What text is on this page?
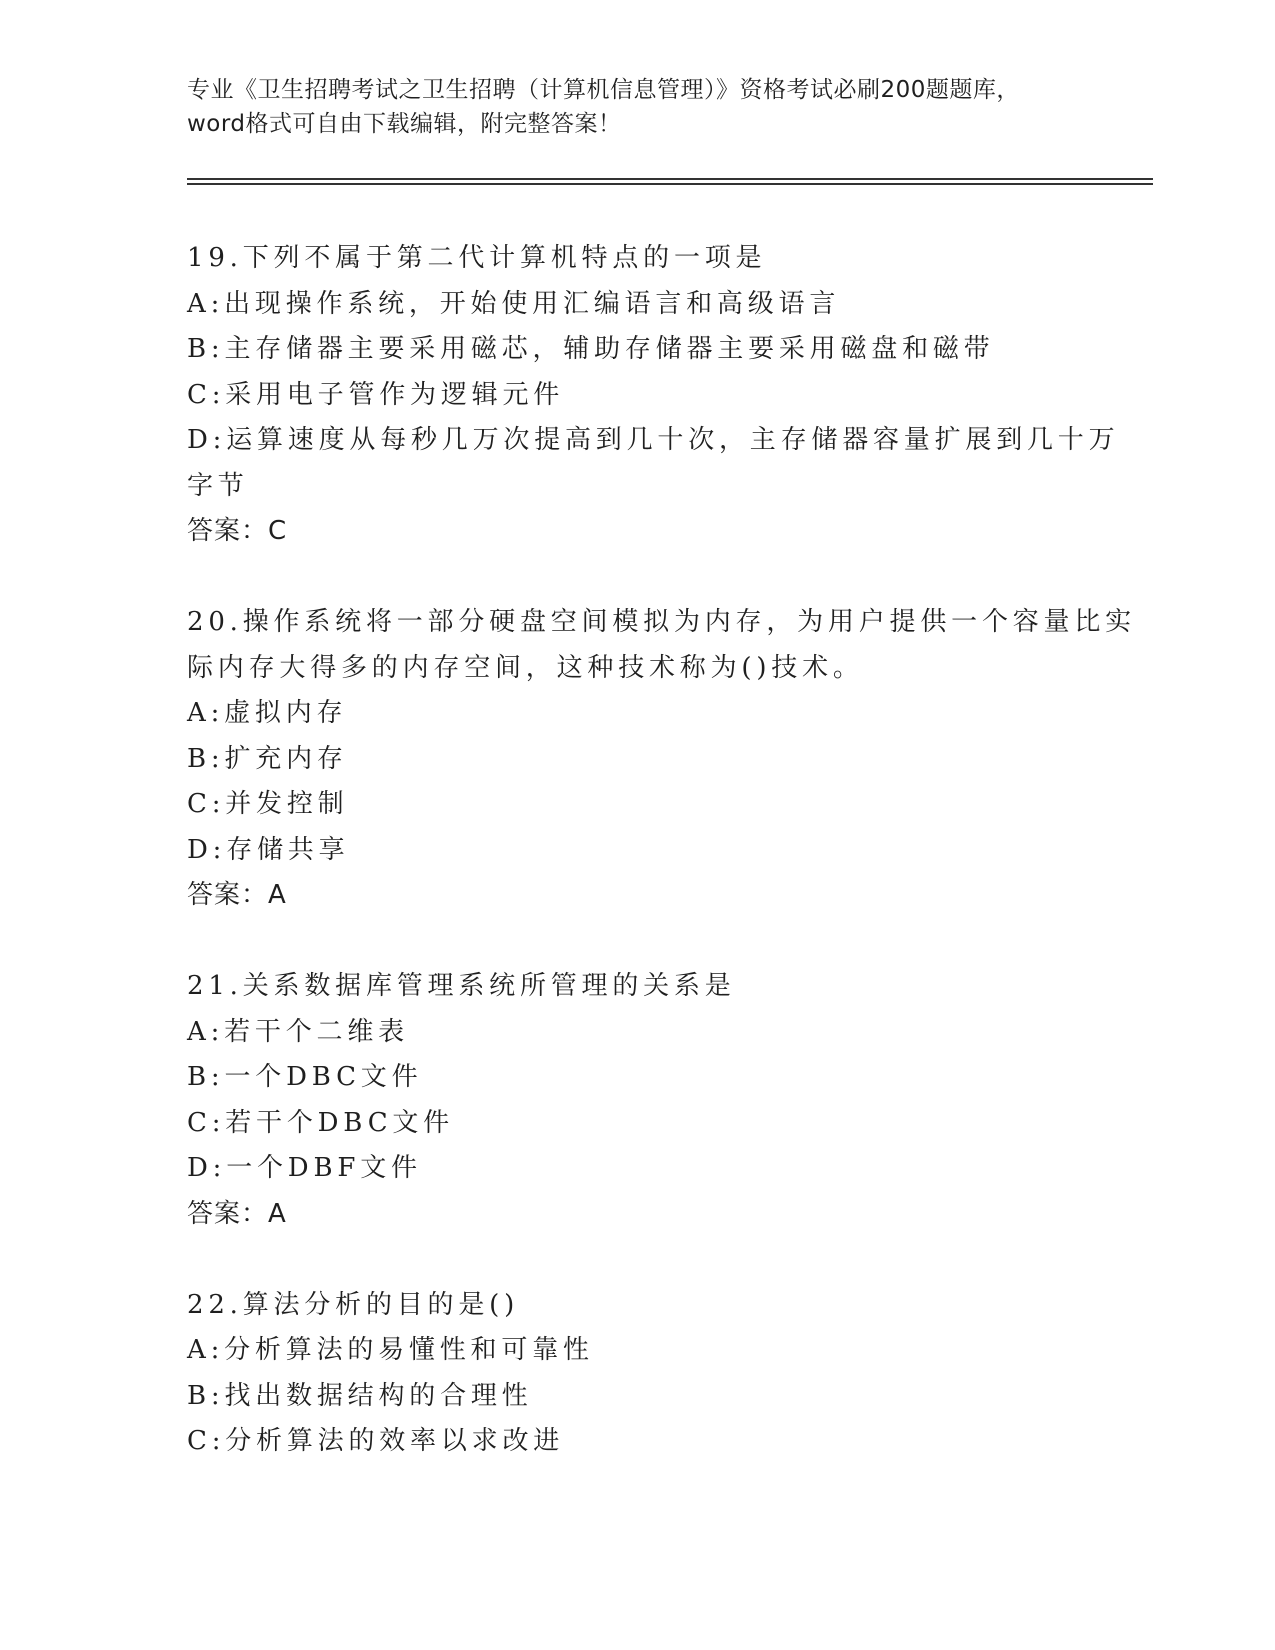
专业《卫生招聘考试之卫生招聘（计算机信息管理）》资格考试必刷200题题库，
word格式可自由下载编辑，附完整答案！
19.下列不属于第二代计算机特点的一项是
A:出现操作系统，开始使用汇编语言和高级语言
B:主存储器主要采用磁芯，辅助存储器主要采用磁盘和磁带
C:采用电子管作为逻辑元件
D:运算速度从每秒几万次提高到几十次，主存储器容量扩展到几十万
字节
答案：C
20.操作系统将一部分硬盘空间模拟为内存，为用户提供一个容量比实
际内存大得多的内存空间，这种技术称为()技术。
A:虚拟内存
B:扩充内存
C:并发控制
D:存储共享
答案：A
21.关系数据库管理系统所管理的关系是
A:若干个二维表
B:一个DBC文件
C:若干个DBC文件
D:一个DBF文件
答案：A
22.算法分析的目的是()
A:分析算法的易懂性和可靠性
B:找出数据结构的合理性
C:分析算法的效率以求改进
